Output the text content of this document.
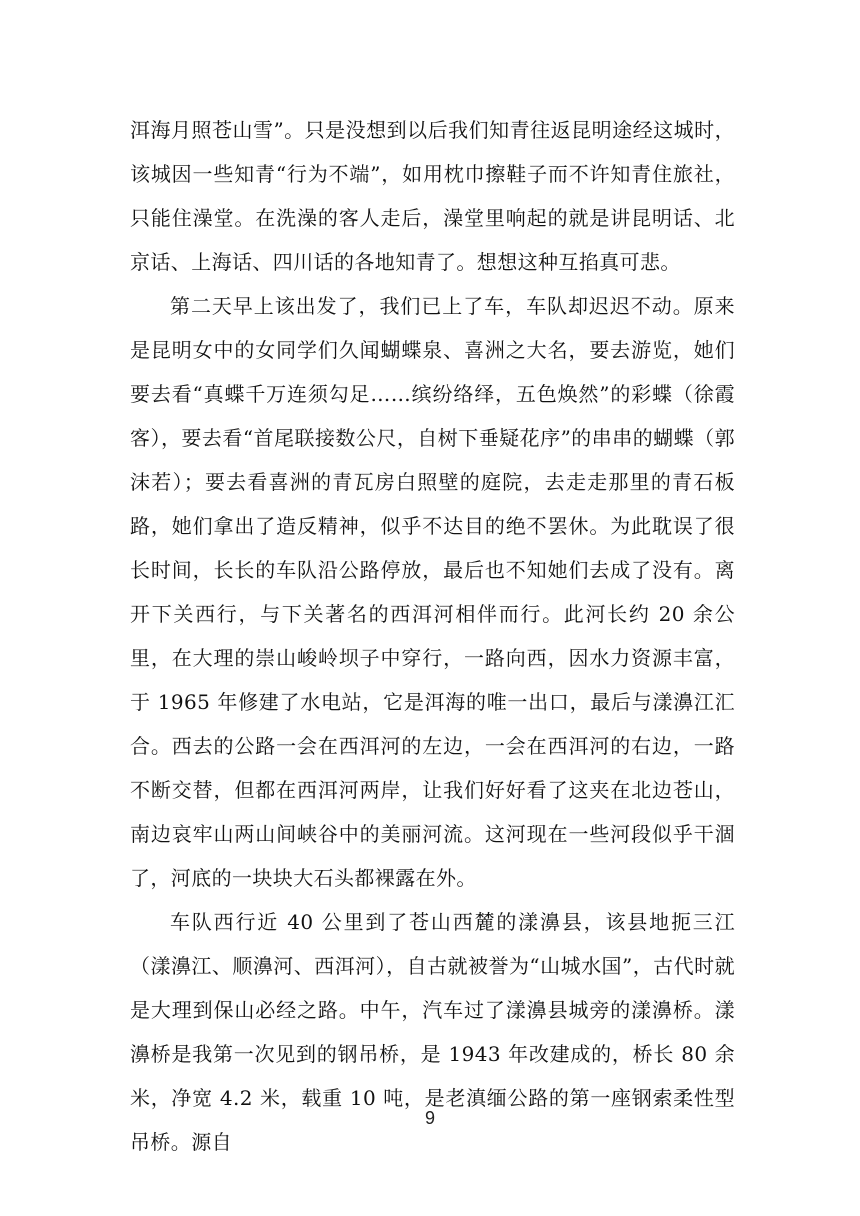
洱海月照苍山雪”。只是没想到以后我们知青往返昆明途经这城时，该城因一些知青“行为不端”，如用枕巾擦鞋子而不许知青住旅社，只能住澡堂。在洗澡的客人走后，澡堂里响起的就是讲昆明话、北京话、上海话、四川话的各地知青了。想想这种互掐真可悲。

第二天早上该出发了，我们已上了车，车队却迟迟不动。原来是昆明女中的女同学们久闻蝴蝶泉、喜洲之大名，要去游览，她们要去看“真蝶千万连须勾足……缤纷络绎，五色焕然”的彩蝶（徐霞客），要去看“首尾联接数公尺，自树下垂疑花序”的串串的蝴蝶（郭沫若）；要去看喜洲的青瓦房白照壁的庭院，去走走那里的青石板路，她们拿出了造反精神，似乎不达目的绝不罢休。为此耽误了很长时间，长长的车队沿公路停放，最后也不知她们去成了没有。离开下关西行，与下关著名的西洱河相伴而行。此河长约 20 余公里，在大理的崇山峻岭坝子中穿行，一路向西，因水力资源丰富，于 1965 年修建了水电站，它是洱海的唯一出口，最后与漾濞江汇合。西去的公路一会在西洱河的左边，一会在西洱河的右边，一路不断交替，但都在西洱河两岸，让我们好好看了这夹在北边苍山，南边哀牢山两山间峡谷中的美丽河流。这河现在一些河段似乎干涸了，河底的一块块大石头都裸露在外。

车队西行近 40 公里到了苍山西麓的漾濞县，该县地扼三江（漾濞江、顺濞河、西洱河），自古就被誉为“山城水国”，古代时就是大理到保山必经之路。中午，汽车过了漾濞县城旁的漾濞桥。漾濞桥是我第一次见到的钢吊桥，是 1943 年改建成的，桥长 80 余米，净宽 4.2 米，载重 10 吨，是老滇缅公路的第一座钢索柔性型吊桥。源自

9
